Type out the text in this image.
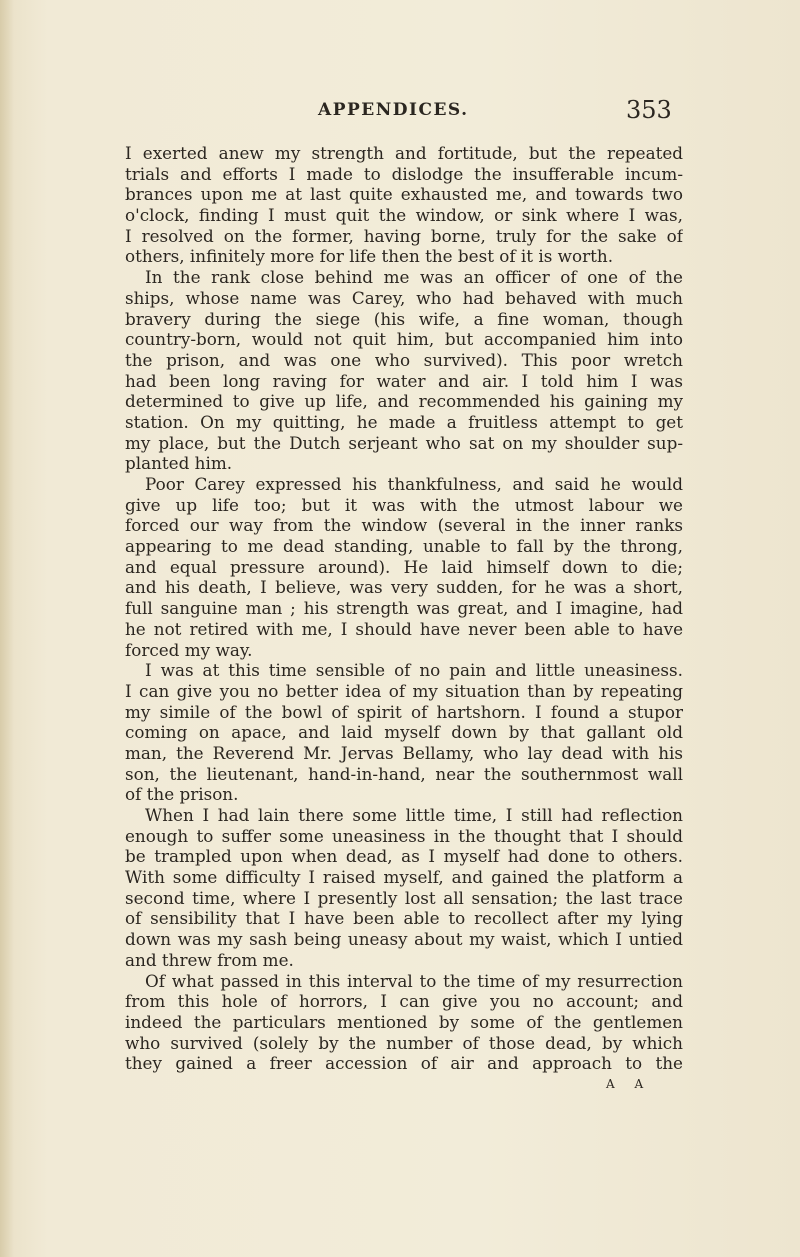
APPENDICES.	353
I exerted anew my strength and fortitude, but the repeated
trials and efforts I made to dislodge the insufferable incum-
brances upon me at last quite exhausted me, and towards two
o'clock, finding I must quit the window, or sink where I was,
I resolved on the former, having borne, truly for the sake of
others, infinitely more for life then the best of it is worth.
In the rank close behind me was an officer of one of the
ships, whose name was Carey, who had behaved with much
bravery during the siege (his wife, a fine woman, though
country-born, would not quit him, but accompanied him into
the prison, and was one who survived). This poor wretch
had been long raving for water and air. I told him I was
determined to give up life, and recommended his gaining my
station. On my quitting, he made a fruitless attempt to get
my place, but the Dutch serjeant who sat on my shoulder sup-
planted him.
Poor Carey expressed his thankfulness, and said he would
give up life too; but it was with the utmost labour we
forced our way from the window (several in the inner ranks
appearing to me dead standing, unable to fall by the throng,
and equal pressure around). He laid himself down to die;
and his death, I believe, was very sudden, for he was a short,
full sanguine man ; his strength was great, and I imagine, had
he not retired with me, I should have never been able to have
forced my way.
I was at this time sensible of no pain and little uneasiness.
I can give you no better idea of my situation than by repeating
my simile of the bowl of spirit of hartshorn. I found a stupor
coming on apace, and laid myself down by that gallant old
man, the Reverend Mr. Jervas Bellamy, who lay dead with his
son, the lieutenant, hand-in-hand, near the southernmost wall
of the prison.
When I had lain there some little time, I still had reflection
enough to suffer some uneasiness in the thought that I should
be trampled upon when dead, as I myself had done to others.
With some difficulty I raised myself, and gained the platform a
second time, where I presently lost all sensation; the last trace
of sensibility that I have been able to recollect after my lying
down was my sash being uneasy about my waist, which I untied
and threw from me.
Of what passed in this interval to the time of my resurrection
from this hole of horrors, I can give you no account; and
indeed the particulars mentioned by some of the gentlemen
who survived (solely by the number of those dead, by which
they gained a freer accession of air and approach to the
A A
